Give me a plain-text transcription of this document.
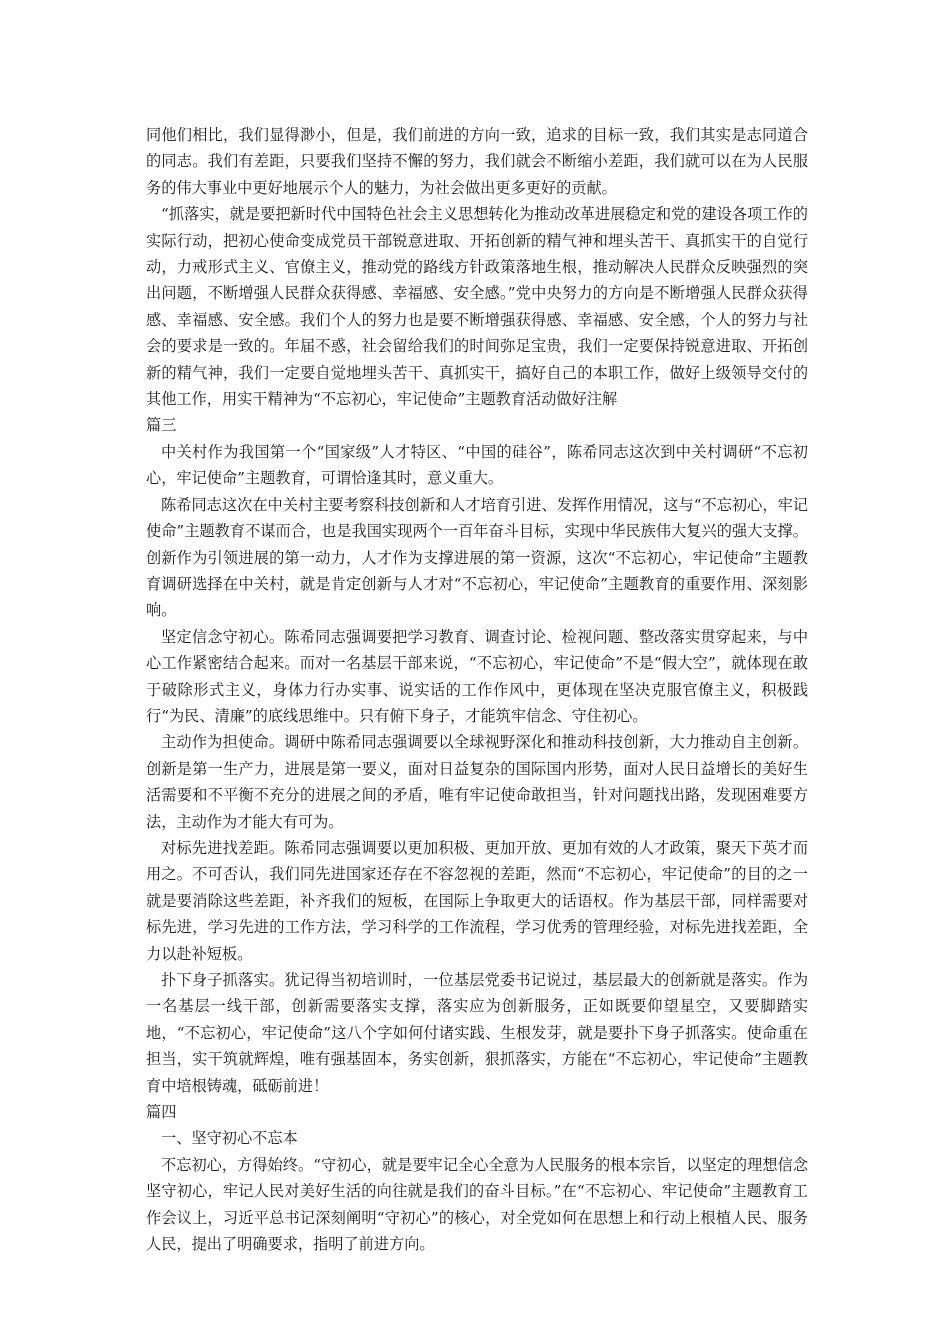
同他们相比，我们显得渺小，但是，我们前进的方向一致，追求的目标一致，我们其实是志同道合的同志。我们有差距，只要我们坚持不懈的努力，我们就会不断缩小差距，我们就可以在为人民服务的伟大事业中更好地展示个人的魅力，为社会做出更多更好的贡献。

“抓落实，就是要把新时代中国特色社会主义思想转化为推动改革进展稳定和党的建设各项工作的实际行动，把初心使命变成党员干部锐意进取、开拓创新的精气神和埋头苦干、真抓实干的自觉行动，力戒形式主义、官僚主义，推动党的路线方针政策落地生根，推动解决人民群众反映强烈的突出问题，不断增强人民群众获得感、幸福感、安全感。”党中央努力的方向是不断增强人民群众获得感、幸福感、安全感。我们个人的努力也是要不断增强获得感、幸福感、安全感，个人的努力与社会的要求是一致的。年届不惑，社会留给我们的时间弥足宝贵，我们一定要保持锐意进取、开拓创新的精气神，我们一定要自觉地埋头苦干、真抓实干，搞好自己的本职工作，做好上级领导交付的其他工作，用实干精神为“不忘初心，牢记使命”主题教育活动做好注解

篇三

中关村作为我国第一个“国家级”人才特区、“中国的硅谷”，陈希同志这次到中关村调研“不忘初心，牢记使命”主题教育，可谓恰逢其时，意义重大。

陈希同志这次在中关村主要考察科技创新和人才培育引进、发挥作用情况，这与“不忘初心，牢记使命”主题教育不谋而合，也是我国实现两个一百年奋斗目标，实现中华民族伟大复兴的强大支撑。创新作为引领进展的第一动力，人才作为支撑进展的第一资源，这次“不忘初心，牢记使命”主题教育调研选择在中关村，就是肯定创新与人才对“不忘初心，牢记使命”主题教育的重要作用、深刻影响。

坚定信念守初心。陈希同志强调要把学习教育、调查讨论、检视问题、整改落实贯穿起来，与中心工作紧密结合起来。而对一名基层干部来说，“不忘初心，牢记使命”不是“假大空”，就体现在敢于破除形式主义，身体力行办实事、说实话的工作作风中，更体现在坚决克服官僚主义，积极践行“为民、清廉”的底线思维中。只有俯下身子，才能筑牢信念、守住初心。

主动作为担使命。调研中陈希同志强调要以全球视野深化和推动科技创新，大力推动自主创新。创新是第一生产力，进展是第一要义，面对日益复杂的国际国内形势，面对人民日益增长的美好生活需要和不平衡不充分的进展之间的矛盾，唯有牢记使命敢担当，针对问题找出路，发现困难要方法，主动作为才能大有可为。

对标先进找差距。陈希同志强调要以更加积极、更加开放、更加有效的人才政策，聚天下英才而用之。不可否认，我们同先进国家还存在不容忽视的差距，然而“不忘初心，牢记使命”的目的之一就是要消除这些差距，补齐我们的短板，在国际上争取更大的话语权。作为基层干部，同样需要对标先进，学习先进的工作方法，学习科学的工作流程，学习优秀的管理经验，对标先进找差距，全力以赴补短板。

扑下身子抓落实。犹记得当初培训时，一位基层党委书记说过，基层最大的创新就是落实。作为一名基层一线干部，创新需要落实支撑，落实应为创新服务，正如既要仰望星空，又要脚踏实地，“不忘初心，牢记使命”这八个字如何付诸实践、生根发芽，就是要扑下身子抓落实。使命重在担当，实干筑就辉煌，唯有强基固本，务实创新，狠抓落实，方能在“不忘初心，牢记使命”主题教育中培根铸魂，砥砺前进！

篇四

一、坚守初心不忘本

不忘初心，方得始终。“守初心，就是要牢记全心全意为人民服务的根本宗旨，以坚定的理想信念坚守初心，牢记人民对美好生活的向往就是我们的奋斗目标。”在“不忘初心、牢记使命”主题教育工作会议上，习近平总书记深刻阐明“守初心”的核心，对全党如何在思想上和行动上根植人民、服务人民，提出了明确要求，指明了前进方向。
